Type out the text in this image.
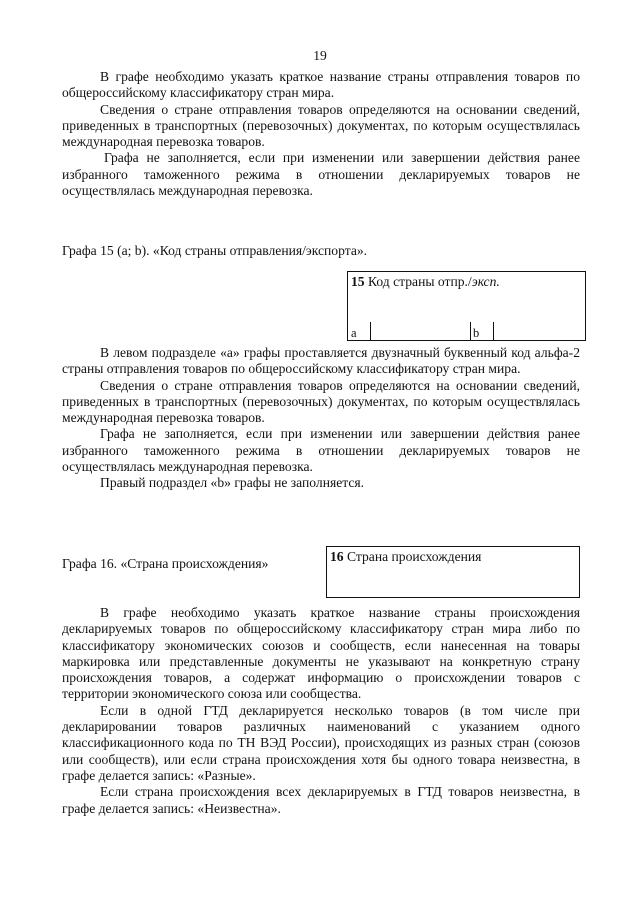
19

В графе необходимо указать краткое название страны отправления товаров по общероссийскому классификатору стран мира.

Сведения о стране отправления товаров определяются на основании сведений, приведенных в транспортных (перевозочных) документах, по которым осуществлялась международная перевозка товаров.

Графа не заполняется, если при изменении или завершении действия ранее избранного таможенного режима в отношении декларируемых товаров не осуществлялась международная перевозка.

Графа 15 (a; b). «Код страны отправления/экспорта».
15 Код страны отпр./эксп.
a	b

В левом подразделе «а» графы проставляется двузначный буквенный код альфа-2 страны отправления товаров по общероссийскому классификатору стран мира.

Сведения о стране отправления товаров определяются на основании сведений, приведенных в транспортных (перевозочных) документах, по которым осуществлялась международная перевозка товаров.

Графа не заполняется, если при изменении или завершении действия ранее избранного таможенного режима в отношении декларируемых товаров не осуществлялась международная перевозка.

Правый подраздел «b» графы не заполняется.

Графа 16. «Страна происхождения»	16 Страна происхождения

В графе необходимо указать краткое название страны происхождения декларируемых товаров по общероссийскому классификатору стран мира либо по классификатору экономических союзов и сообществ, если нанесенная на товары маркировка или представленные документы не указывают на конкретную страну происхождения товаров, а содержат информацию о происхождении товаров с территории экономического союза или сообщества.

Если в одной ГТД декларируется несколько товаров (в том числе при декларировании товаров различных наименований с указанием одного классификационного кода по ТН ВЭД России), происходящих из разных стран (союзов или сообществ), или если страна происхождения хотя бы одного товара неизвестна, в графе делается запись: «Разные».

Если страна происхождения всех декларируемых в ГТД товаров неизвестна, в графе делается запись: «Неизвестна».
